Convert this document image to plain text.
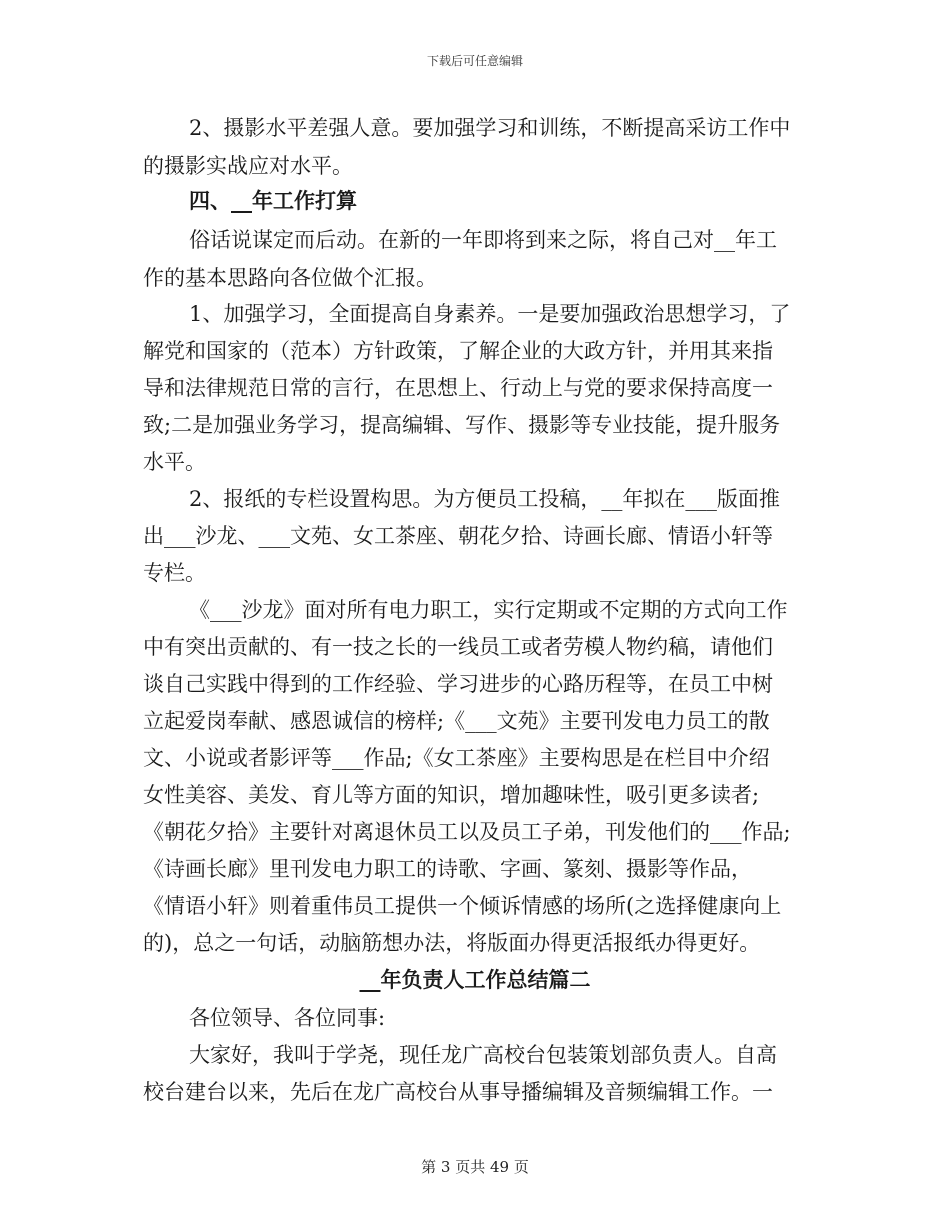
下载后可任意编辑
2、摄影水平差强人意。要加强学习和训练，不断提高采访工作中
的摄影实战应对水平。
四、__年工作打算
俗话说谋定而后动。在新的一年即将到来之际，将自己对__年工
作的基本思路向各位做个汇报。
1、加强学习，全面提高自身素养。一是要加强政治思想学习，了
解党和国家的（范本）方针政策，了解企业的大政方针，并用其来指
导和法律规范日常的言行，在思想上、行动上与党的要求保持高度一
致;二是加强业务学习，提高编辑、写作、摄影等专业技能，提升服务
水平。
2、报纸的专栏设置构思。为方便员工投稿，__年拟在___版面推
出___沙龙、___文苑、女工茶座、朝花夕拾、诗画长廊、情语小轩等
专栏。
《___沙龙》面对所有电力职工，实行定期或不定期的方式向工作
中有突出贡献的、有一技之长的一线员工或者劳模人物约稿，请他们
谈自己实践中得到的工作经验、学习进步的心路历程等，在员工中树
立起爱岗奉献、感恩诚信的榜样;《___文苑》主要刊发电力员工的散
文、小说或者影评等___作品;《女工茶座》主要构思是在栏目中介绍
女性美容、美发、育儿等方面的知识，增加趣味性，吸引更多读者;
《朝花夕拾》主要针对离退休员工以及员工子弟，刊发他们的___作品;
《诗画长廊》里刊发电力职工的诗歌、字画、篆刻、摄影等作品，
《情语小轩》则着重伟员工提供一个倾诉情感的场所(之选择健康向上
的)，总之一句话，动脑筋想办法，将版面办得更活报纸办得更好。
__年负责人工作总结篇二
各位领导、各位同事:
大家好，我叫于学尧，现任龙广高校台包装策划部负责人。自高
校台建台以来，先后在龙广高校台从事导播编辑及音频编辑工作。一
第 3 页共 49 页
